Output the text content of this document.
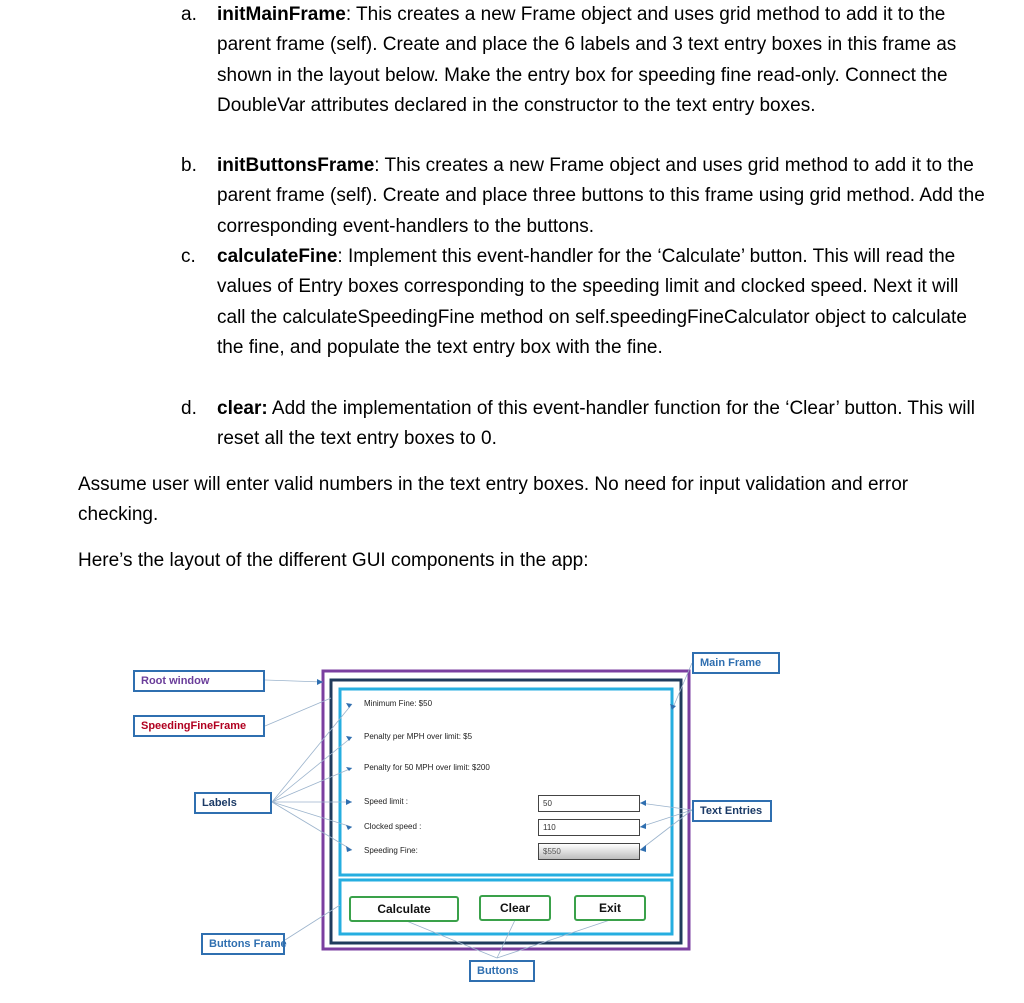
a.	initMainFrame: This creates a new Frame object and uses grid method to add it to the parent frame (self). Create and place the 6 labels and 3 text entry boxes in this frame as shown in the layout below. Make the entry box for speeding fine read-only. Connect the DoubleVar attributes declared in the constructor to the text entry boxes.
b.	initButtonsFrame: This creates a new Frame object and uses grid method to add it to the parent frame (self). Create and place three buttons to this frame using grid method. Add the corresponding event-handlers to the buttons.
c.	calculateFine: Implement this event-handler for the ‘Calculate’ button. This will read the values of Entry boxes corresponding to the speeding limit and clocked speed. Next it will call the calculateSpeedingFine method on self.speedingFineCalculator object to calculate the fine, and populate the text entry box with the fine.
d.	clear: Add the implementation of this event-handler function for the ‘Clear’ button. This will reset all the text entry boxes to 0.
Assume user will enter valid numbers in the text entry boxes. No need for input validation and error checking.
Here’s the layout of the different GUI components in the app:
Root window
SpeedingFineFrame
Labels
Buttons Frame
Main Frame
Text Entries
Buttons
Minimum Fine: $50
Penalty per MPH over limit: $5
Penalty for 50 MPH over limit: $200
Speed limit :
Clocked speed :
Speeding Fine:
50
110
$550
Calculate	Clear	Exit
